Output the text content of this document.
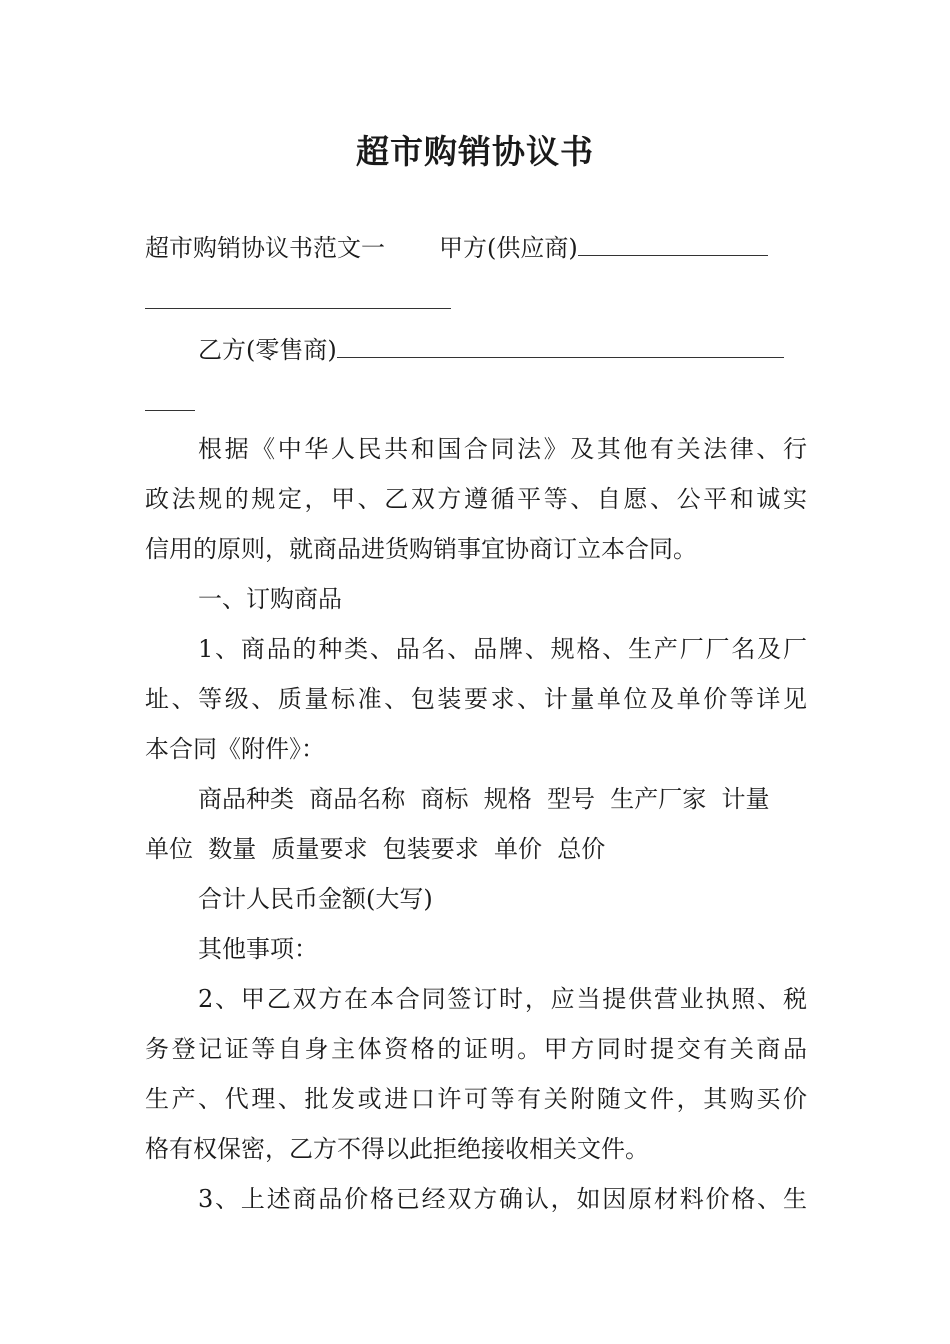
超市购销协议书
超市购销协议书范文一 甲方(供应商)
乙方(零售商)
根据《中华人民共和国合同法》及其他有关法律、行
政法规的规定，甲、乙双方遵循平等、自愿、公平和诚实
信用的原则，就商品进货购销事宜协商订立本合同。
一、订购商品
1、商品的种类、品名、品牌、规格、生产厂厂名及厂
址、等级、质量标准、包装要求、计量单位及单价等详见
本合同《附件》：
商品种类  商品名称  商标  规格  型号  生产厂家  计量
单位  数量  质量要求  包装要求  单价  总价
合计人民币金额(大写)
其他事项：
2、甲乙双方在本合同签订时，应当提供营业执照、税
务登记证等自身主体资格的证明。甲方同时提交有关商品
生产、代理、批发或进口许可等有关附随文件，其购买价
格有权保密，乙方不得以此拒绝接收相关文件。
3、上述商品价格已经双方确认，如因原材料价格、生
